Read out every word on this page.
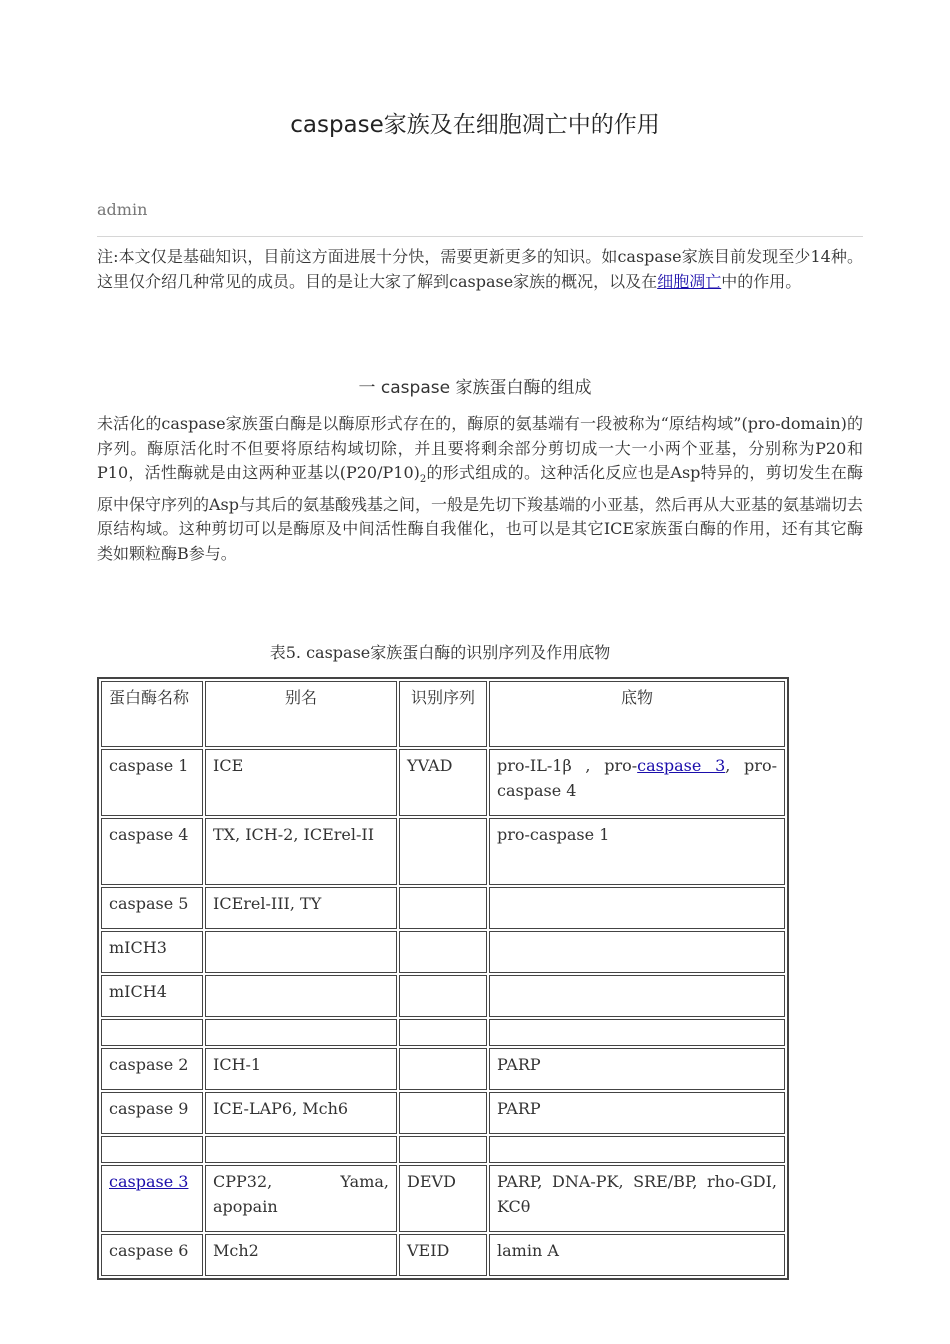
caspase家族及在细胞凋亡中的作用
admin
注:本文仅是基础知识，目前这方面进展十分快，需要更新更多的知识。如caspase家族目前发现至少14种。这里仅介绍几种常见的成员。目的是让大家了解到caspase家族的概况，以及在细胞凋亡中的作用。
一 caspase 家族蛋白酶的组成
未活化的caspase家族蛋白酶是以酶原形式存在的，酶原的氨基端有一段被称为“原结构域”(pro-domain)的序列。酶原活化时不但要将原结构域切除，并且要将剩余部分剪切成一大一小两个亚基，分别称为P20和P10，活性酶就是由这两种亚基以$(P20/P10)_2$的形式组成的。这种活化反应也是Asp特异的，剪切发生在酶原中保守序列的Asp与其后的氨基酸残基之间，一般是先切下羧基端的小亚基，然后再从大亚基的氨基端切去原结构域。这种剪切可以是酶原及中间活性酶自我催化，也可以是其它ICE家族蛋白酶的作用，还有其它酶类如颗粒酶B参与。
表5. caspase家族蛋白酶的识别序列及作用底物
蛋白酶名称	别名	识别序列	底物
caspase 1	ICE	YVAD	pro-IL-1β , pro-caspase 3, pro-caspase 4
caspase 4	TX, ICH-2, ICErel-II		pro-caspase 1
caspase 5	ICErel-III, TY		
mICH3			
mICH4			

caspase 2	ICH-1		PARP
caspase 9	ICE-LAP6, Mch6		PARP

caspase 3	CPP32, Yama, apopain	DEVD	PARP, DNA-PK, SRE/BP, rho-GDI, KCθ
caspase 6	Mch2	VEID	lamin A
